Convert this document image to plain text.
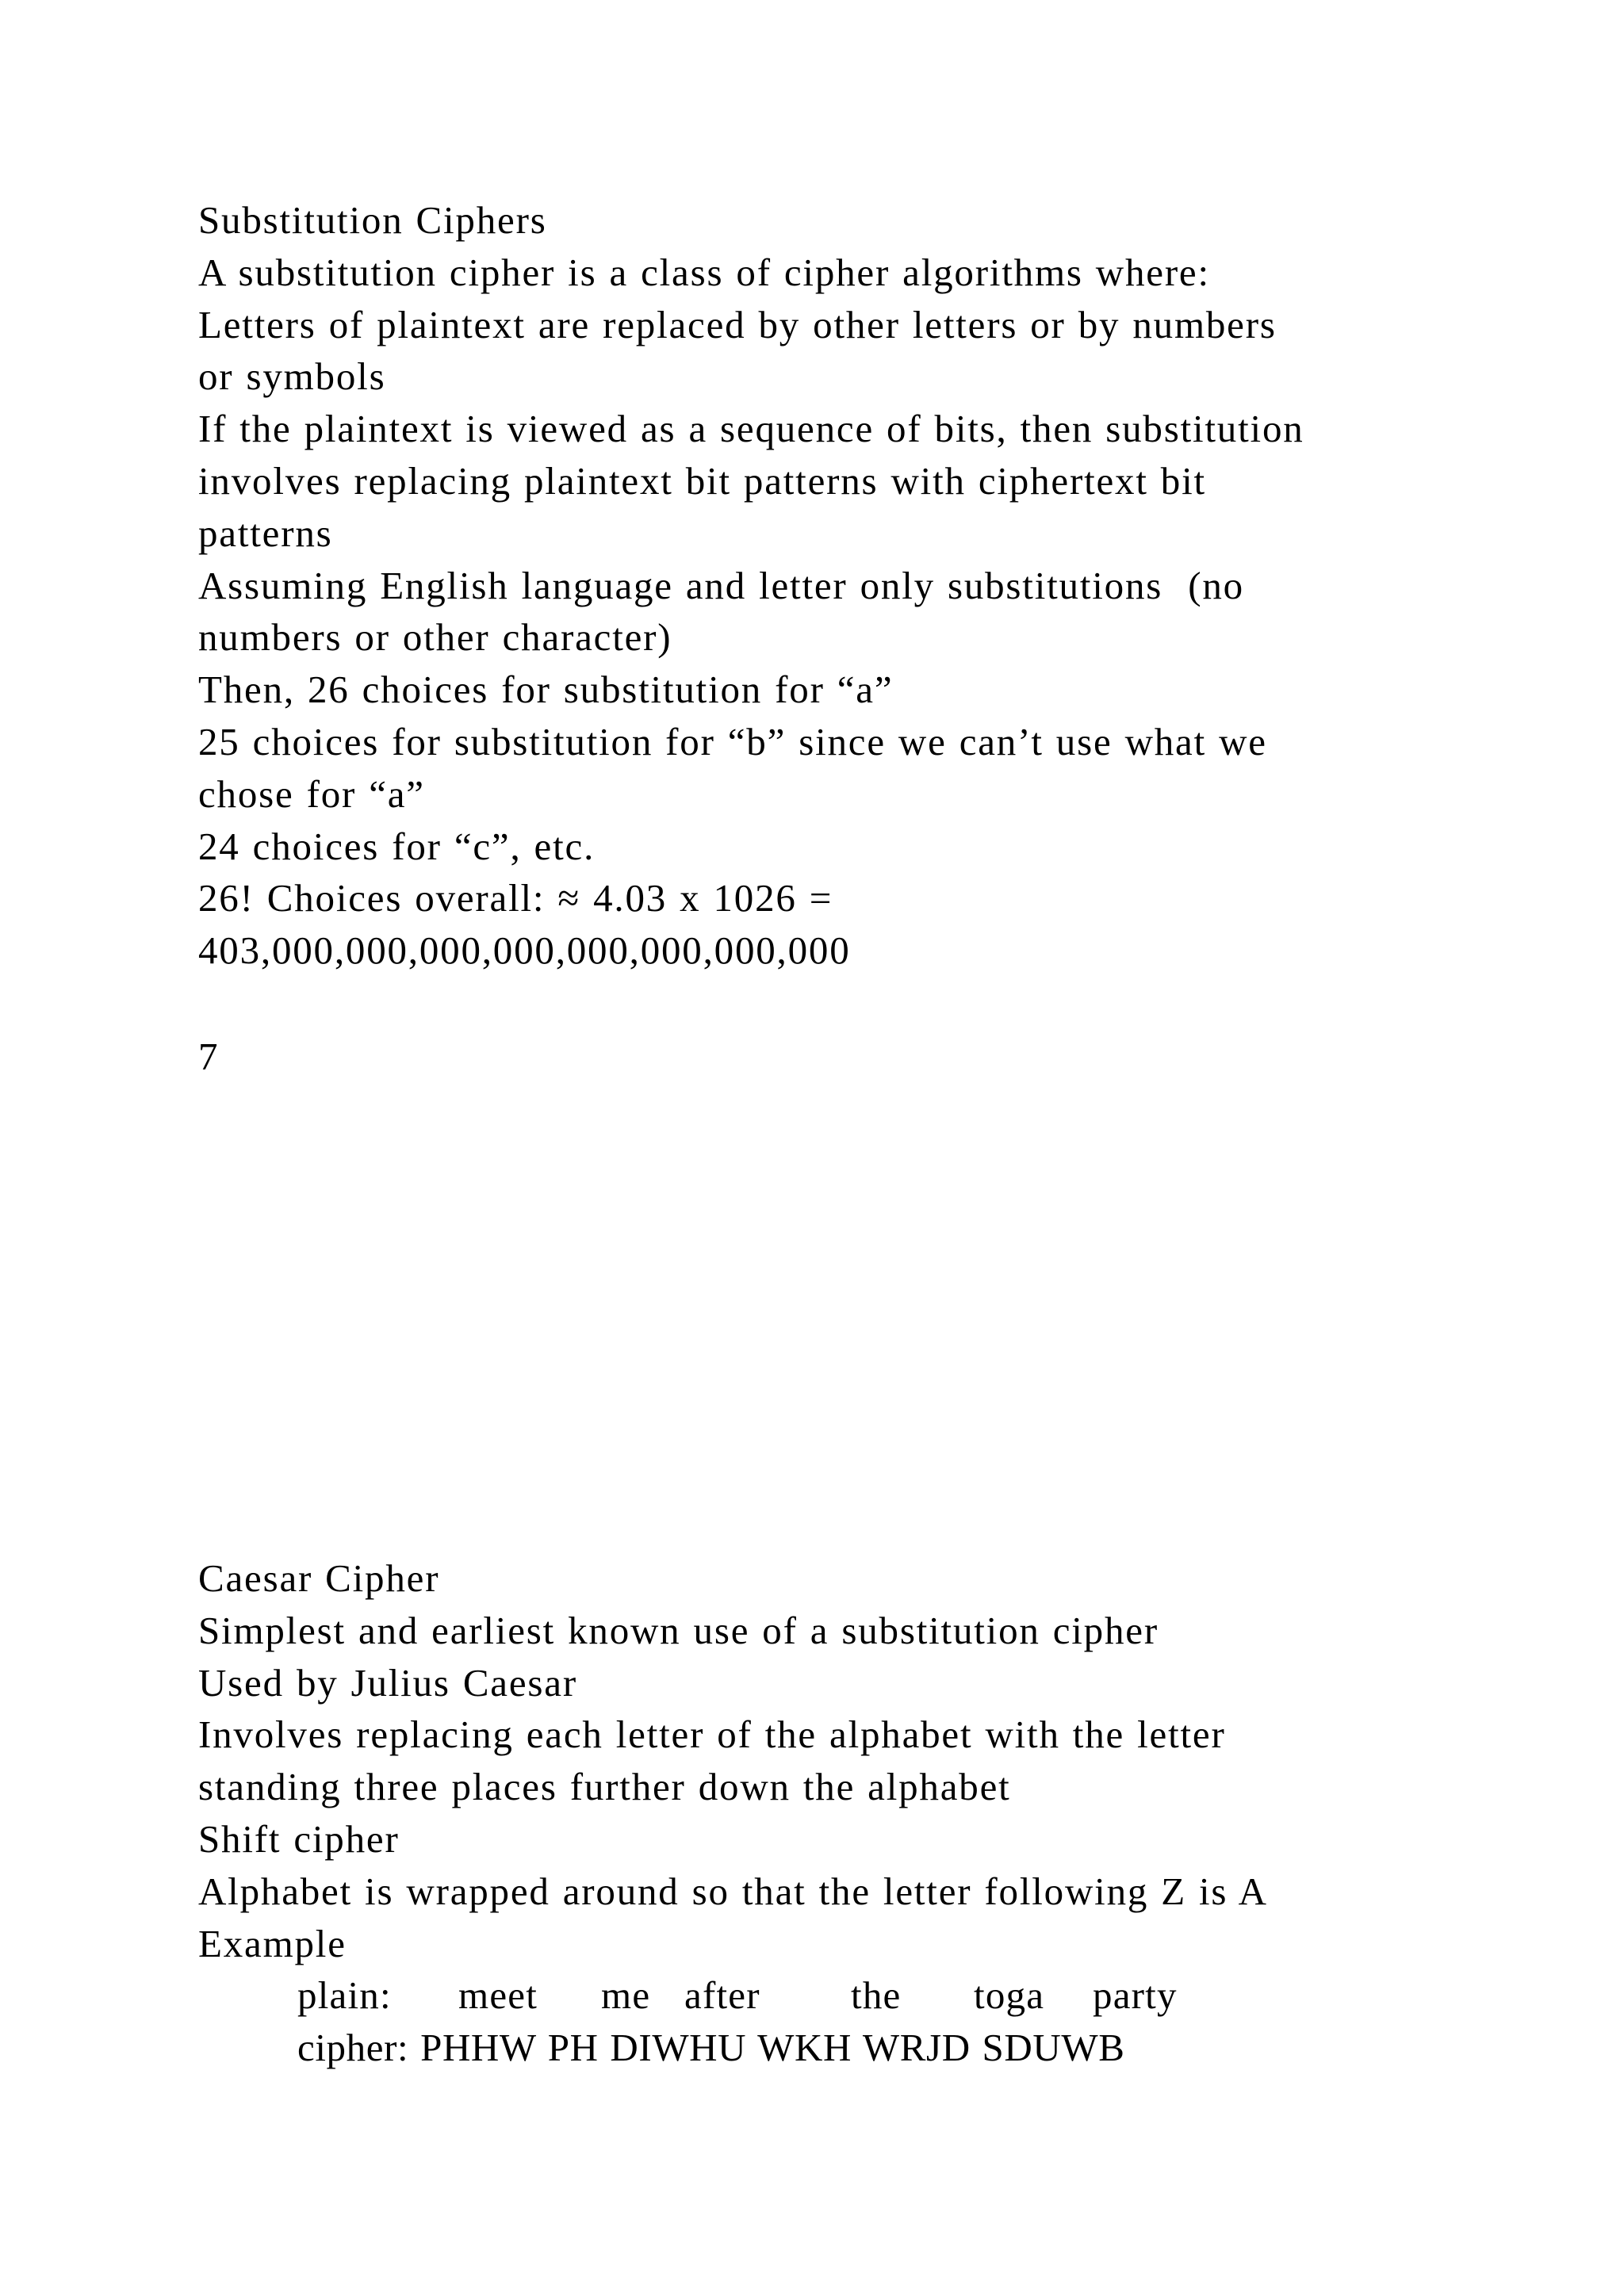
Substitution Ciphers
A substitution cipher is a class of cipher algorithms where:
Letters of plaintext are replaced by other letters or by numbers
or symbols
If the plaintext is viewed as a sequence of bits, then substitution
involves replacing plaintext bit patterns with ciphertext bit
patterns
Assuming English language and letter only substitutions  (no
numbers or other character)
Then, 26 choices for substitution for “a”
25 choices for substitution for “b” since we can’t use what we
chose for “a”
24 choices for “c”, etc.
26! Choices overall: ≈ 4.03 x 1026 =
403,000,000,000,000,000,000,000,000
7
Caesar Cipher
Simplest and earliest known use of a substitution cipher
Used by Julius Caesar
Involves replacing each letter of the alphabet with the letter
standing three places further down the alphabet
Shift cipher
Alphabet is wrapped around so that the letter following Z is A
Example
plain: meet me after the toga party
cipher: PHHW PH DIWHU WKH WRJD SDUWB
